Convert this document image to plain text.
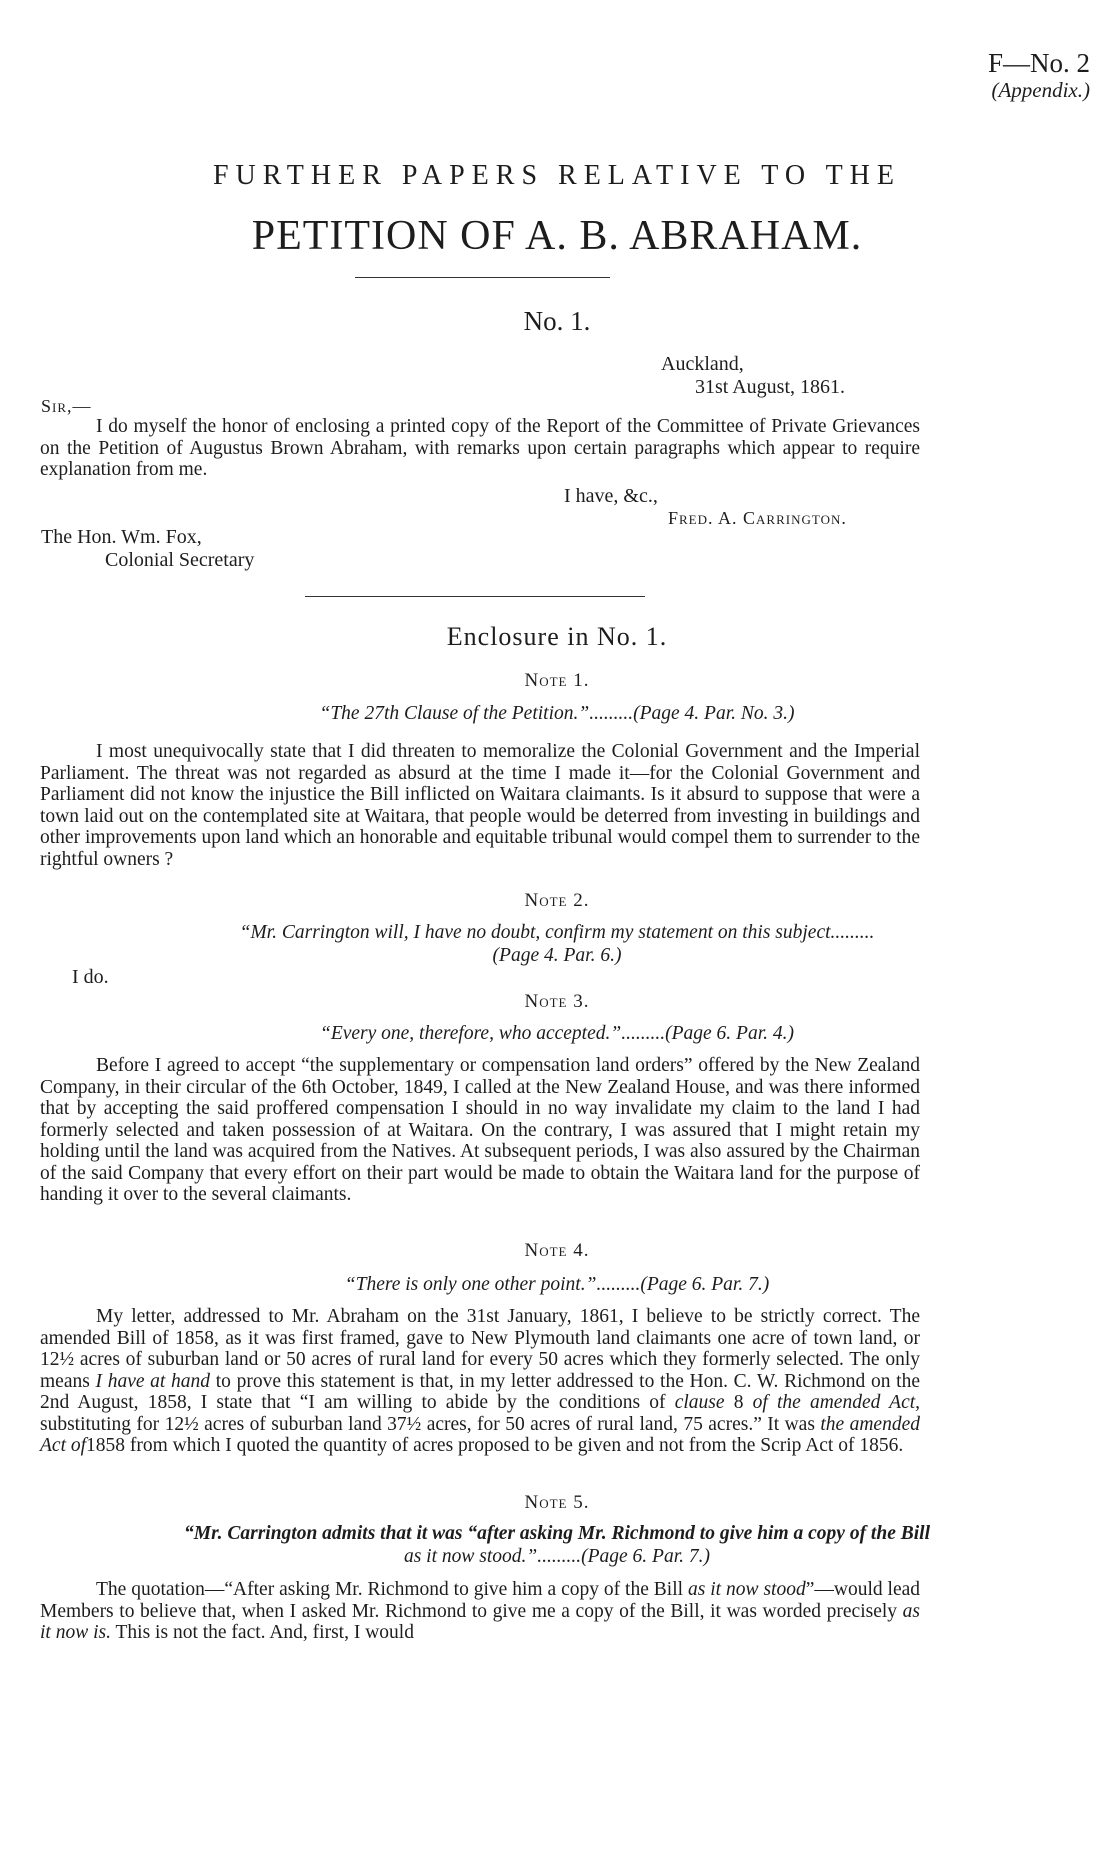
F—No. 2
(Appendix.)
FURTHER PAPERS RELATIVE TO THE
PETITION OF A. B. ABRAHAM.
No. 1.
Auckland,
31st August, 1861.
Sir,—
I do myself the honor of enclosing a printed copy of the Report of the Committee of Private Grievances on the Petition of Augustus Brown Abraham, with remarks upon certain paragraphs which appear to require explanation from me.
I have, &c.,
Fred. A. Carrington.
The Hon. Wm. Fox,
Colonial Secretary
Enclosure in No. 1.
Note 1.
“The 27th Clause of the Petition.”.........(Page 4. Par. No. 3.)
I most unequivocally state that I did threaten to memoralize the Colonial Government and the Imperial Parliament. The threat was not regarded as absurd at the time I made it—for the Colonial Government and Parliament did not know the injustice the Bill inflicted on Waitara claimants. Is it absurd to suppose that were a town laid out on the contemplated site at Waitara, that people would be deterred from investing in buildings and other improvements upon land which an honorable and equitable tribunal would compel them to surrender to the rightful owners ?
Note 2.
“Mr. Carrington will, I have no doubt, confirm my statement on this subject.........
(Page 4. Par. 6.)
I do.
Note 3.
“Every one, therefore, who accepted.”.........(Page 6. Par. 4.)
Before I agreed to accept “the supplementary or compensation land orders” offered by the New Zealand Company, in their circular of the 6th October, 1849, I called at the New Zealand House, and was there informed that by accepting the said proffered compensation I should in no way invalidate my claim to the land I had formerly selected and taken possession of at Waitara. On the contrary, I was assured that I might retain my holding until the land was acquired from the Natives. At subsequent periods, I was also assured by the Chairman of the said Company that every effort on their part would be made to obtain the Waitara land for the purpose of handing it over to the several claimants.
Note 4.
“There is only one other point.”.........(Page 6. Par. 7.)
My letter, addressed to Mr. Abraham on the 31st January, 1861, I believe to be strictly correct. The amended Bill of 1858, as it was first framed, gave to New Plymouth land claimants one acre of town land, or 12½ acres of suburban land or 50 acres of rural land for every 50 acres which they formerly selected. The only means I have at hand to prove this statement is that, in my letter addressed to the Hon. C. W. Richmond on the 2nd August, 1858, I state that “I am willing to abide by the conditions of clause 8 of the amended Act, substituting for 12½ acres of suburban land 37½ acres, for 50 acres of rural land, 75 acres.” It was the amended Act of1858 from which I quoted the quantity of acres proposed to be given and not from the Scrip Act of 1856.
Note 5.
“Mr. Carrington admits that it was “after asking Mr. Richmond to give him a copy of the Bill
as it now stood.”.........(Page 6. Par. 7.)
The quotation—“After asking Mr. Richmond to give him a copy of the Bill as it now stood”—would lead Members to believe that, when I asked Mr. Richmond to give me a copy of the Bill, it was worded precisely as it now is. This is not the fact. And, first, I would
